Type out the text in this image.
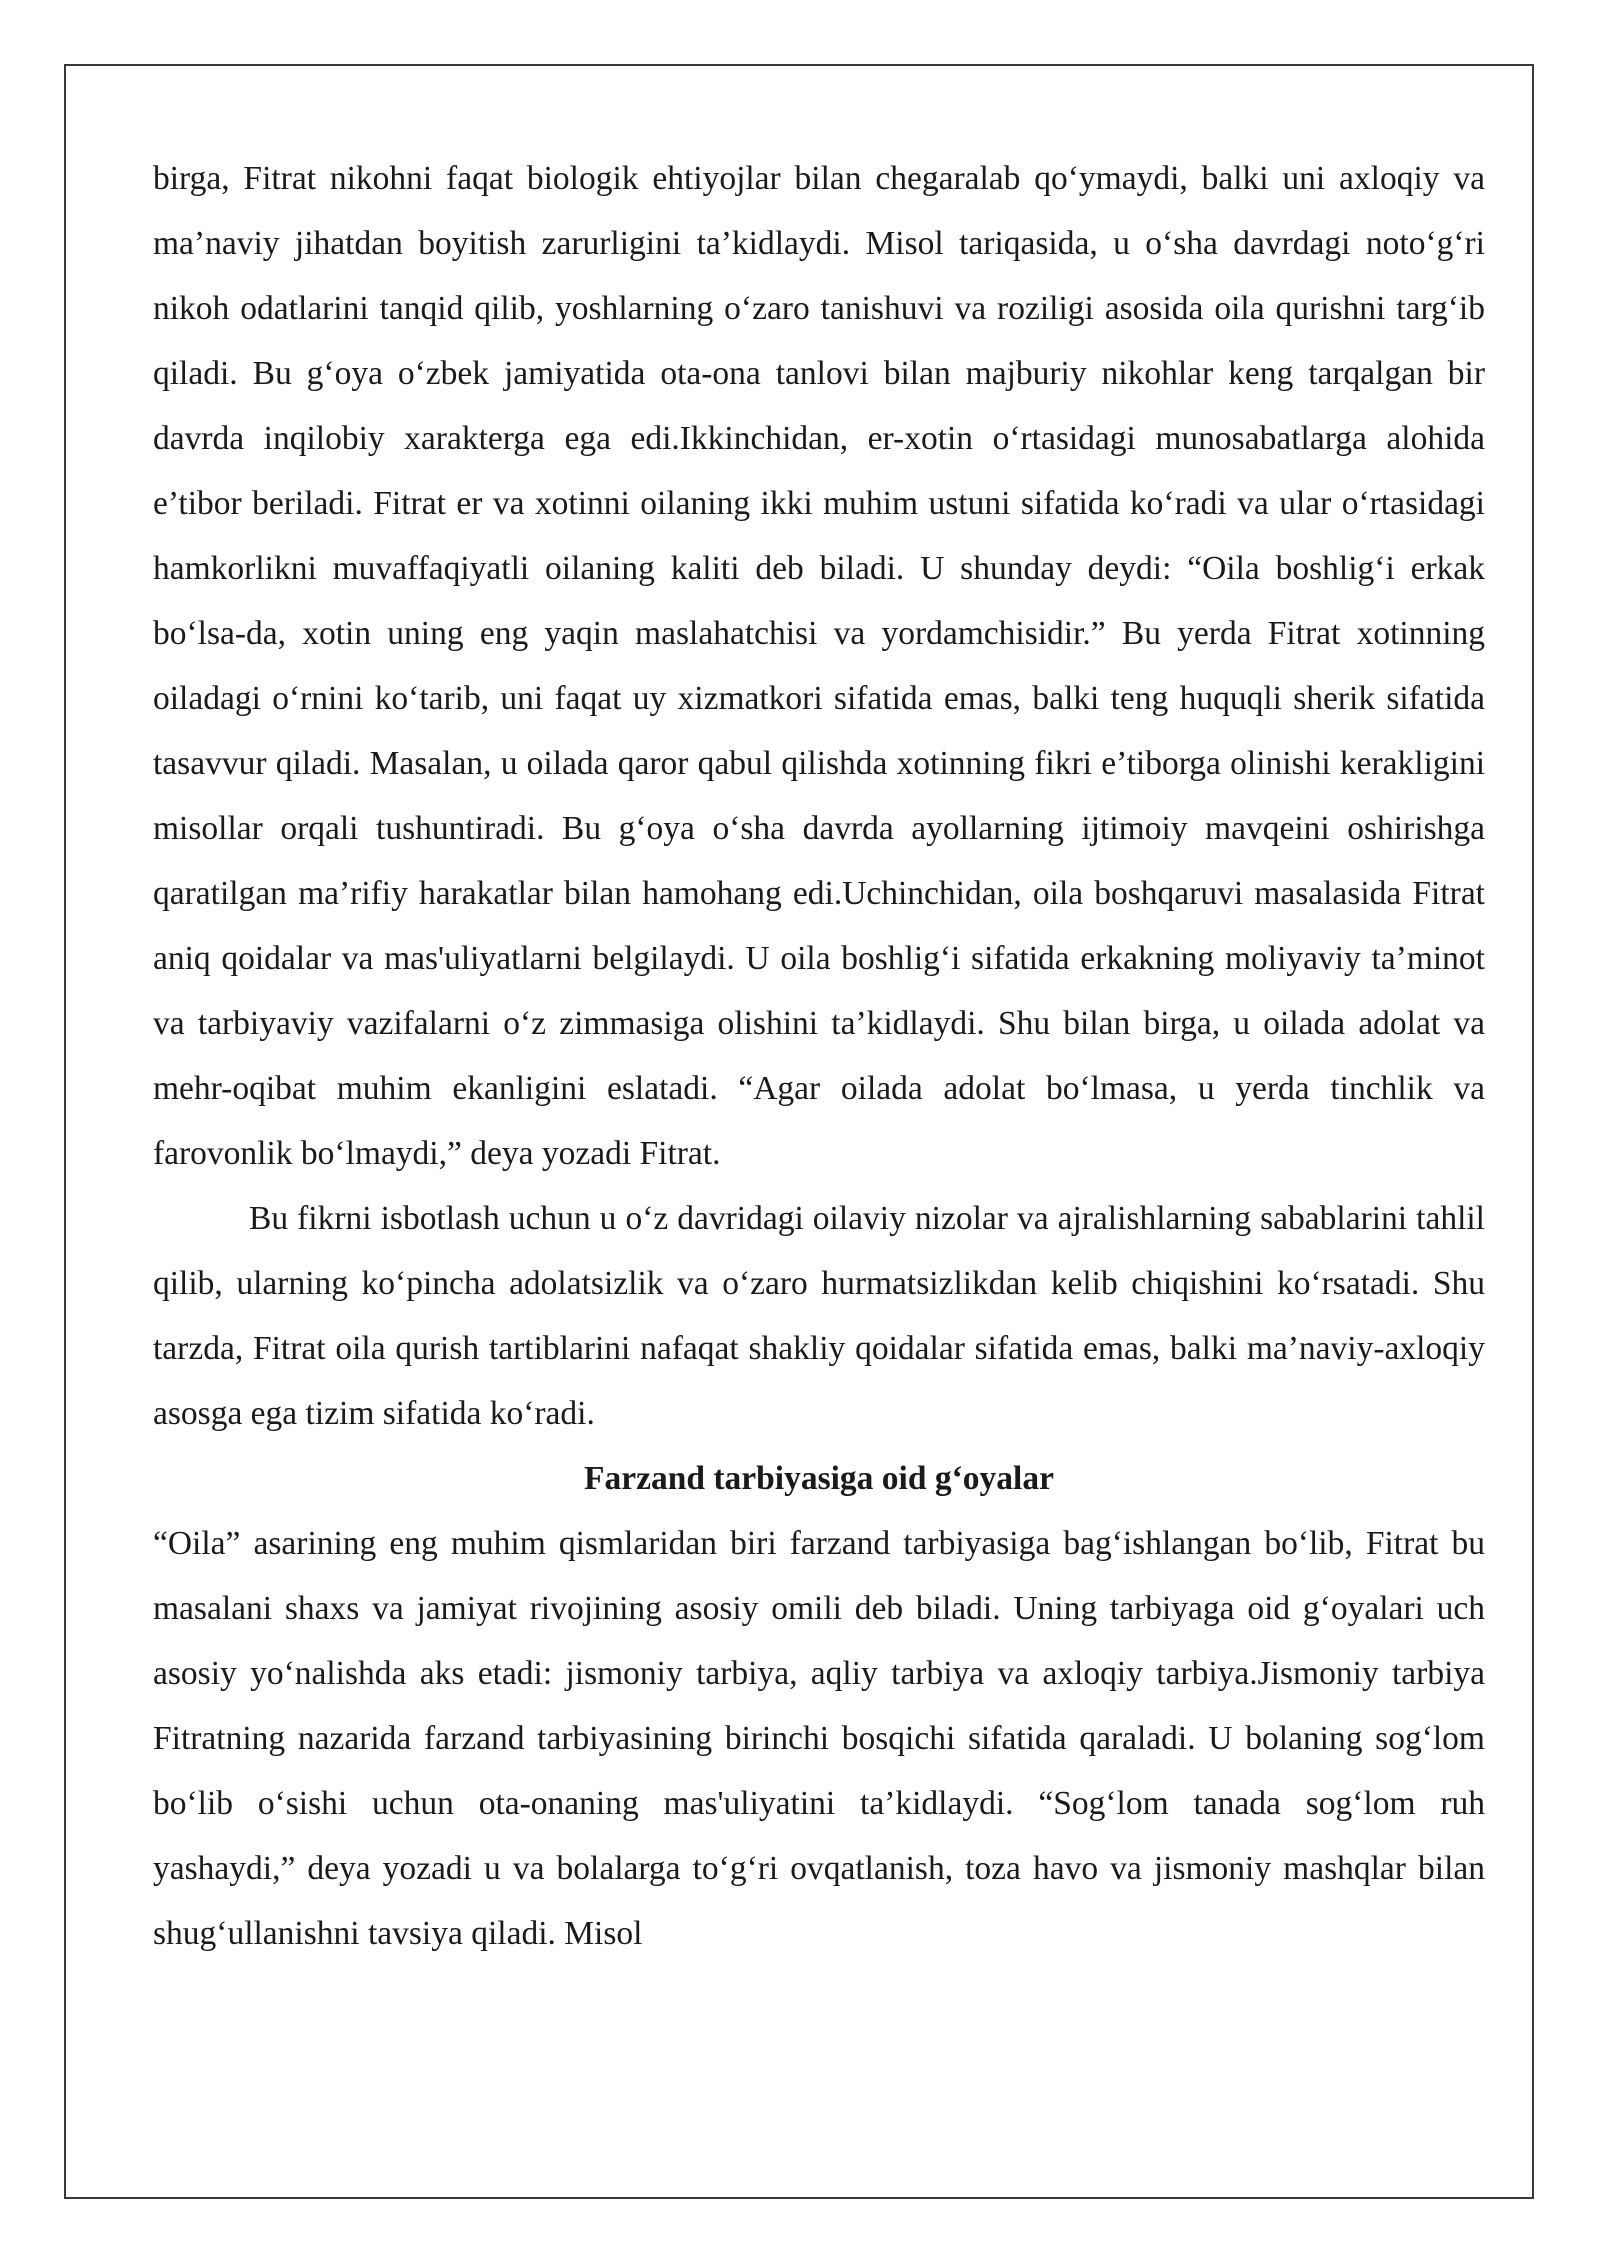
birga, Fitrat nikohni faqat biologik ehtiyojlar bilan chegaralab qo‘ymaydi, balki uni axloqiy va ma’naviy jihatdan boyitish zarurligini ta’kidlaydi. Misol tariqasida, u o‘sha davrdagi noto‘g‘ri nikoh odatlarini tanqid qilib, yoshlarning o‘zaro tanishuvi va roziligi asosida oila qurishni targ‘ib qiladi. Bu g‘oya o‘zbek jamiyatida ota-ona tanlovi bilan majburiy nikohlar keng tarqalgan bir davrda inqilobiy xarakterga ega edi.Ikkinchidan, er-xotin o‘rtasidagi munosabatlarga alohida e’tibor beriladi. Fitrat er va xotinni oilaning ikki muhim ustuni sifatida ko‘radi va ular o‘rtasidagi hamkorlikni muvaffaqiyatli oilaning kaliti deb biladi. U shunday deydi: “Oila boshlig‘i erkak bo‘lsa-da, xotin uning eng yaqin maslahatchisi va yordamchisidir.” Bu yerda Fitrat xotinning oiladagi o‘rnini ko‘tarib, uni faqat uy xizmatkori sifatida emas, balki teng huquqli sherik sifatida tasavvur qiladi. Masalan, u oilada qaror qabul qilishda xotinning fikri e’tiborga olinishi kerakligini misollar orqali tushuntiradi. Bu g‘oya o‘sha davrda ayollarning ijtimoiy mavqeini oshirishga qaratilgan ma’rifiy harakatlar bilan hamohang edi.Uchinchidan, oila boshqaruvi masalasida Fitrat aniq qoidalar va mas'uliyatlarni belgilaydi. U oila boshlig‘i sifatida erkakning moliyaviy ta’minot va tarbiyaviy vazifalarni o‘z zimmasiga olishini ta’kidlaydi. Shu bilan birga, u oilada adolat va mehr-oqibat muhim ekanligini eslatadi. “Agar oilada adolat bo‘lmasa, u yerda tinchlik va farovonlik bo‘lmaydi,” deya yozadi Fitrat.

Bu fikrni isbotlash uchun u o‘z davridagi oilaviy nizolar va ajralishlarning sabablarini tahlil qilib, ularning ko‘pincha adolatsizlik va o‘zaro hurmatsizlikdan kelib chiqishini ko‘rsatadi. Shu tarzda, Fitrat oila qurish tartiblarini nafaqat shakliy qoidalar sifatida emas, balki ma’naviy-axloqiy asosga ega tizim sifatida ko‘radi.

Farzand tarbiyasiga oid g‘oyalar

“Oila” asarining eng muhim qismlaridan biri farzand tarbiyasiga bag‘ishlangan bo‘lib, Fitrat bu masalani shaxs va jamiyat rivojining asosiy omili deb biladi. Uning tarbiyaga oid g‘oyalari uch asosiy yo‘nalishda aks etadi: jismoniy tarbiya, aqliy tarbiya va axloqiy tarbiya.Jismoniy tarbiya Fitratning nazarida farzand tarbiyasining birinchi bosqichi sifatida qaraladi. U bolaning sog‘lom bo‘lib o‘sishi uchun ota-onaning mas'uliyatini ta’kidlaydi. “Sog‘lom tanada sog‘lom ruh yashaydi,” deya yozadi u va bolalarga to‘g‘ri ovqatlanish, toza havo va jismoniy mashqlar bilan shug‘ullanishni tavsiya qiladi. Misol
